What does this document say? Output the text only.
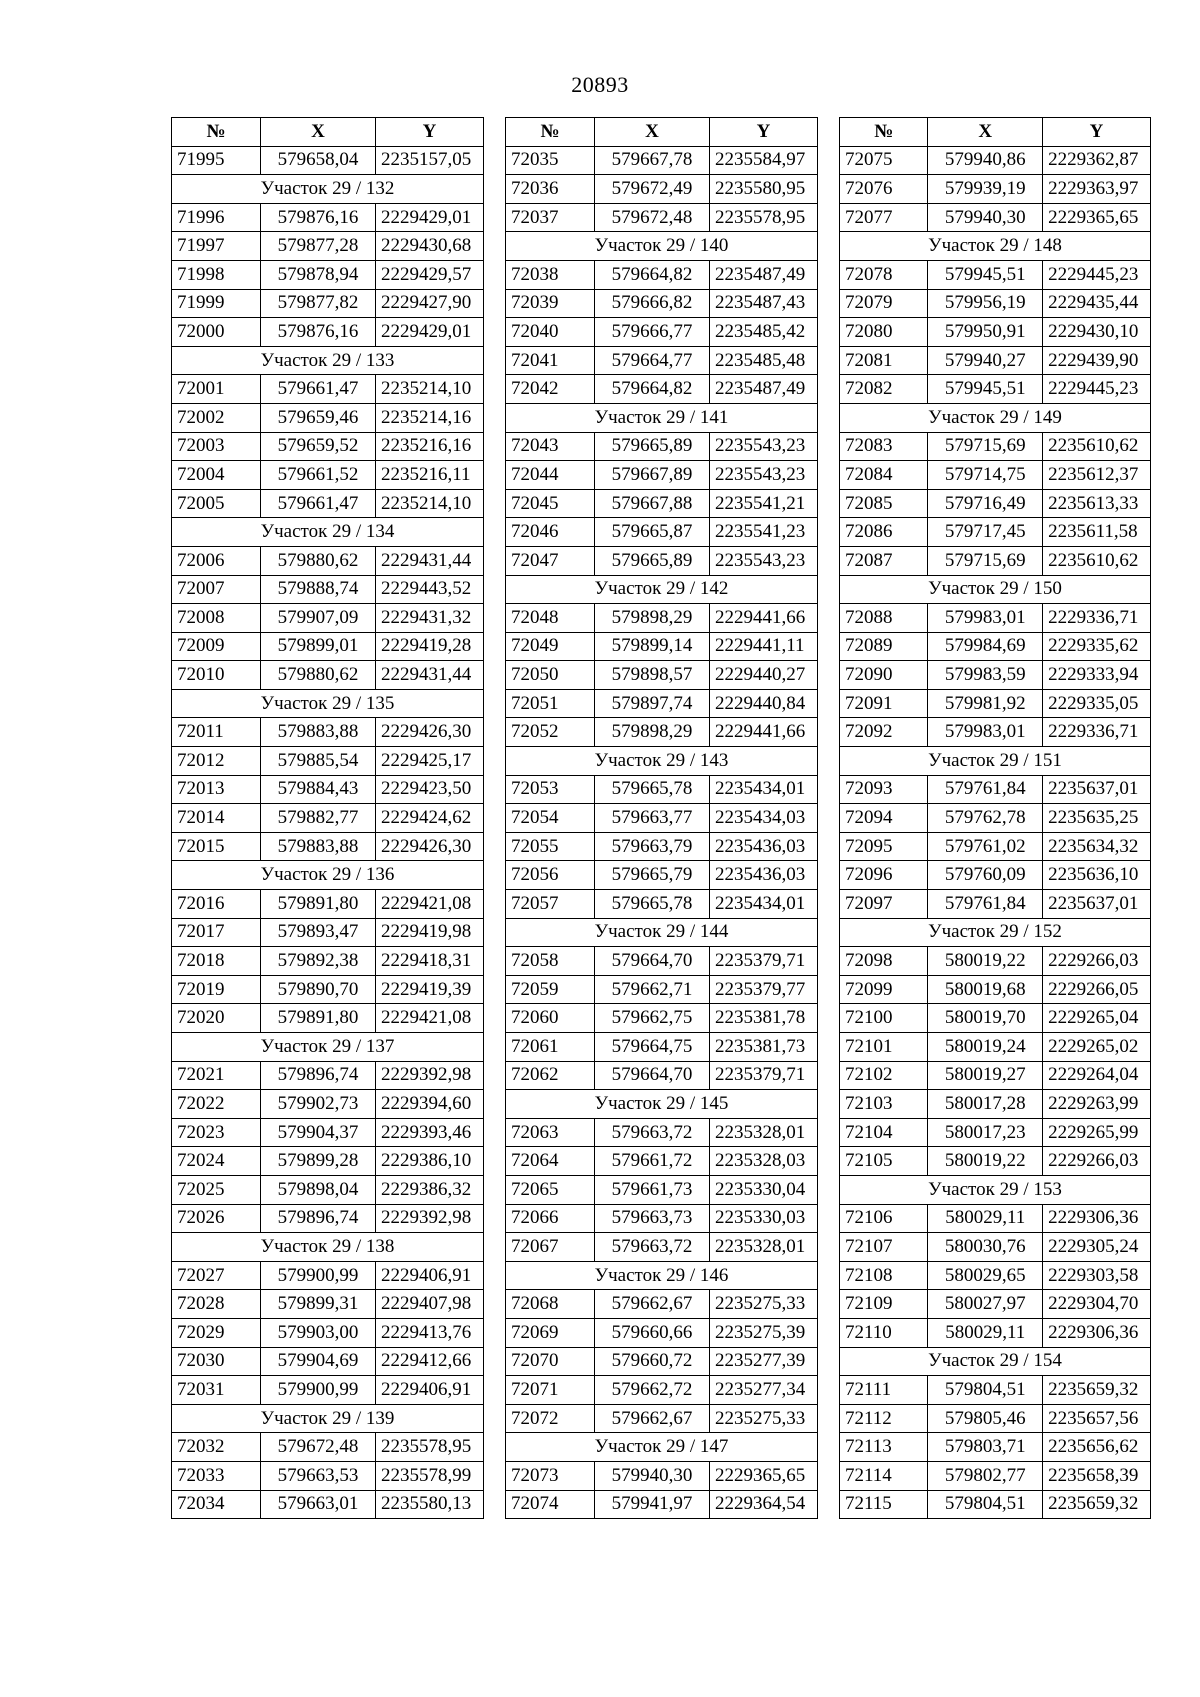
20893
№	X	Y
71995	579658,04	2235157,05
Участок 29 / 132		
71996	579876,16	2229429,01
71997	579877,28	2229430,68
71998	579878,94	2229429,57
71999	579877,82	2229427,90
72000	579876,16	2229429,01
Участок 29 / 133		
72001	579661,47	2235214,10
72002	579659,46	2235214,16
72003	579659,52	2235216,16
72004	579661,52	2235216,11
72005	579661,47	2235214,10
Участок 29 / 134		
72006	579880,62	2229431,44
72007	579888,74	2229443,52
72008	579907,09	2229431,32
72009	579899,01	2229419,28
72010	579880,62	2229431,44
Участок 29 / 135		
72011	579883,88	2229426,30
72012	579885,54	2229425,17
72013	579884,43	2229423,50
72014	579882,77	2229424,62
72015	579883,88	2229426,30
Участок 29 / 136		
72016	579891,80	2229421,08
72017	579893,47	2229419,98
72018	579892,38	2229418,31
72019	579890,70	2229419,39
72020	579891,80	2229421,08
Участок 29 / 137		
72021	579896,74	2229392,98
72022	579902,73	2229394,60
72023	579904,37	2229393,46
72024	579899,28	2229386,10
72025	579898,04	2229386,32
72026	579896,74	2229392,98
Участок 29 / 138		
72027	579900,99	2229406,91
72028	579899,31	2229407,98
72029	579903,00	2229413,76
72030	579904,69	2229412,66
72031	579900,99	2229406,91
Участок 29 / 139		
72032	579672,48	2235578,95
72033	579663,53	2235578,99
72034	579663,01	2235580,13
№	X	Y
72035	579667,78	2235584,97
72036	579672,49	2235580,95
72037	579672,48	2235578,95
Участок 29 / 140		
72038	579664,82	2235487,49
72039	579666,82	2235487,43
72040	579666,77	2235485,42
72041	579664,77	2235485,48
72042	579664,82	2235487,49
Участок 29 / 141		
72043	579665,89	2235543,23
72044	579667,89	2235543,23
72045	579667,88	2235541,21
72046	579665,87	2235541,23
72047	579665,89	2235543,23
Участок 29 / 142		
72048	579898,29	2229441,66
72049	579899,14	2229441,11
72050	579898,57	2229440,27
72051	579897,74	2229440,84
72052	579898,29	2229441,66
Участок 29 / 143		
72053	579665,78	2235434,01
72054	579663,77	2235434,03
72055	579663,79	2235436,03
72056	579665,79	2235436,03
72057	579665,78	2235434,01
Участок 29 / 144		
72058	579664,70	2235379,71
72059	579662,71	2235379,77
72060	579662,75	2235381,78
72061	579664,75	2235381,73
72062	579664,70	2235379,71
Участок 29 / 145		
72063	579663,72	2235328,01
72064	579661,72	2235328,03
72065	579661,73	2235330,04
72066	579663,73	2235330,03
72067	579663,72	2235328,01
Участок 29 / 146		
72068	579662,67	2235275,33
72069	579660,66	2235275,39
72070	579660,72	2235277,39
72071	579662,72	2235277,34
72072	579662,67	2235275,33
Участок 29 / 147		
72073	579940,30	2229365,65
72074	579941,97	2229364,54
№	X	Y
72075	579940,86	2229362,87
72076	579939,19	2229363,97
72077	579940,30	2229365,65
Участок 29 / 148		
72078	579945,51	2229445,23
72079	579956,19	2229435,44
72080	579950,91	2229430,10
72081	579940,27	2229439,90
72082	579945,51	2229445,23
Участок 29 / 149		
72083	579715,69	2235610,62
72084	579714,75	2235612,37
72085	579716,49	2235613,33
72086	579717,45	2235611,58
72087	579715,69	2235610,62
Участок 29 / 150		
72088	579983,01	2229336,71
72089	579984,69	2229335,62
72090	579983,59	2229333,94
72091	579981,92	2229335,05
72092	579983,01	2229336,71
Участок 29 / 151		
72093	579761,84	2235637,01
72094	579762,78	2235635,25
72095	579761,02	2235634,32
72096	579760,09	2235636,10
72097	579761,84	2235637,01
Участок 29 / 152		
72098	580019,22	2229266,03
72099	580019,68	2229266,05
72100	580019,70	2229265,04
72101	580019,24	2229265,02
72102	580019,27	2229264,04
72103	580017,28	2229263,99
72104	580017,23	2229265,99
72105	580019,22	2229266,03
Участок 29 / 153		
72106	580029,11	2229306,36
72107	580030,76	2229305,24
72108	580029,65	2229303,58
72109	580027,97	2229304,70
72110	580029,11	2229306,36
Участок 29 / 154		
72111	579804,51	2235659,32
72112	579805,46	2235657,56
72113	579803,71	2235656,62
72114	579802,77	2235658,39
72115	579804,51	2235659,32
